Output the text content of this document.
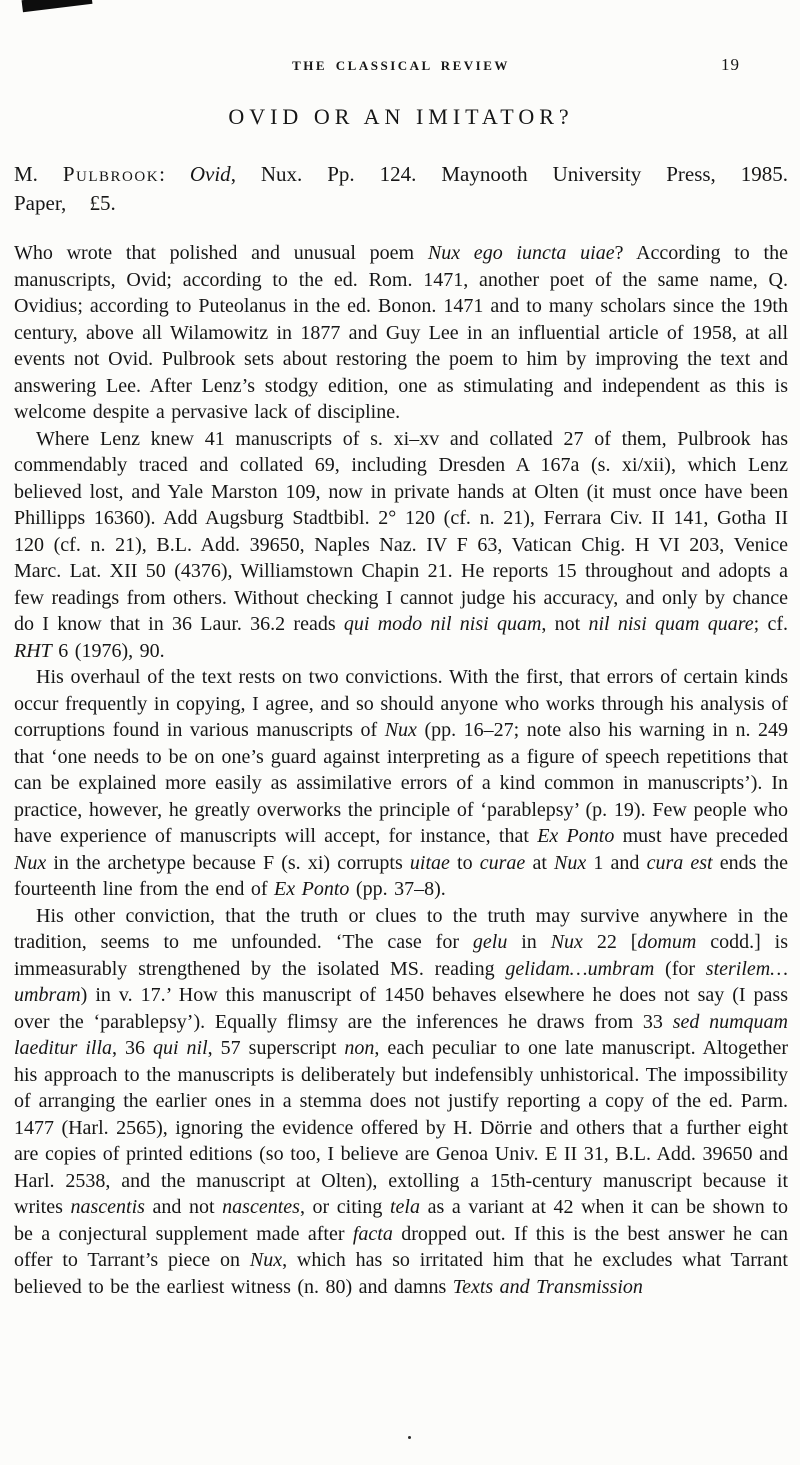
THE CLASSICAL REVIEW	19
OVID OR AN IMITATOR?

M. Pulbrook: Ovid, Nux. Pp. 124. Maynooth University Press, 1985. Paper, £5.

Who wrote that polished and unusual poem Nux ego iuncta uiae? According to the manuscripts, Ovid; according to the ed. Rom. 1471, another poet of the same name, Q. Ovidius; according to Puteolanus in the ed. Bonon. 1471 and to many scholars since the 19th century, above all Wilamowitz in 1877 and Guy Lee in an influential article of 1958, at all events not Ovid. Pulbrook sets about restoring the poem to him by improving the text and answering Lee. After Lenz’s stodgy edition, one as stimulating and independent as this is welcome despite a pervasive lack of discipline.

Where Lenz knew 41 manuscripts of s. xi–xv and collated 27 of them, Pulbrook has commendably traced and collated 69, including Dresden A 167a (s. xi/xii), which Lenz believed lost, and Yale Marston 109, now in private hands at Olten (it must once have been Phillipps 16360). Add Augsburg Stadtbibl. 2° 120 (cf. n. 21), Ferrara Civ. II 141, Gotha II 120 (cf. n. 21), B.L. Add. 39650, Naples Naz. IV F 63, Vatican Chig. H VI 203, Venice Marc. Lat. XII 50 (4376), Williamstown Chapin 21. He reports 15 throughout and adopts a few readings from others. Without checking I cannot judge his accuracy, and only by chance do I know that in 36 Laur. 36.2 reads qui modo nil nisi quam, not nil nisi quam quare; cf. RHT 6 (1976), 90.

His overhaul of the text rests on two convictions. With the first, that errors of certain kinds occur frequently in copying, I agree, and so should anyone who works through his analysis of corruptions found in various manuscripts of Nux (pp. 16–27; note also his warning in n. 249 that ‘one needs to be on one’s guard against interpreting as a figure of speech repetitions that can be explained more easily as assimilative errors of a kind common in manuscripts’). In practice, however, he greatly overworks the principle of ‘parablepsy’ (p. 19). Few people who have experience of manuscripts will accept, for instance, that Ex Ponto must have preceded Nux in the archetype because F (s. xi) corrupts uitae to curae at Nux 1 and cura est ends the fourteenth line from the end of Ex Ponto (pp. 37–8).

His other conviction, that the truth or clues to the truth may survive anywhere in the tradition, seems to me unfounded. ‘The case for gelu in Nux 22 [domum codd.] is immeasurably strengthened by the isolated MS. reading gelidam…umbram (for sterilem…umbram) in v. 17.’ How this manuscript of 1450 behaves elsewhere he does not say (I pass over the ‘parablepsy’). Equally flimsy are the inferences he draws from 33 sed numquam laeditur illa, 36 qui nil, 57 superscript non, each peculiar to one late manuscript. Altogether his approach to the manuscripts is deliberately but indefensibly unhistorical. The impossibility of arranging the earlier ones in a stemma does not justify reporting a copy of the ed. Parm. 1477 (Harl. 2565), ignoring the evidence offered by H. Dörrie and others that a further eight are copies of printed editions (so too, I believe are Genoa Univ. E II 31, B.L. Add. 39650 and Harl. 2538, and the manuscript at Olten), extolling a 15th-century manuscript because it writes nascentis and not nascentes, or citing tela as a variant at 42 when it can be shown to be a conjectural supplement made after facta dropped out. If this is the best answer he can offer to Tarrant’s piece on Nux, which has so irritated him that he excludes what Tarrant believed to be the earliest witness (n. 80) and damns Texts and Transmission
